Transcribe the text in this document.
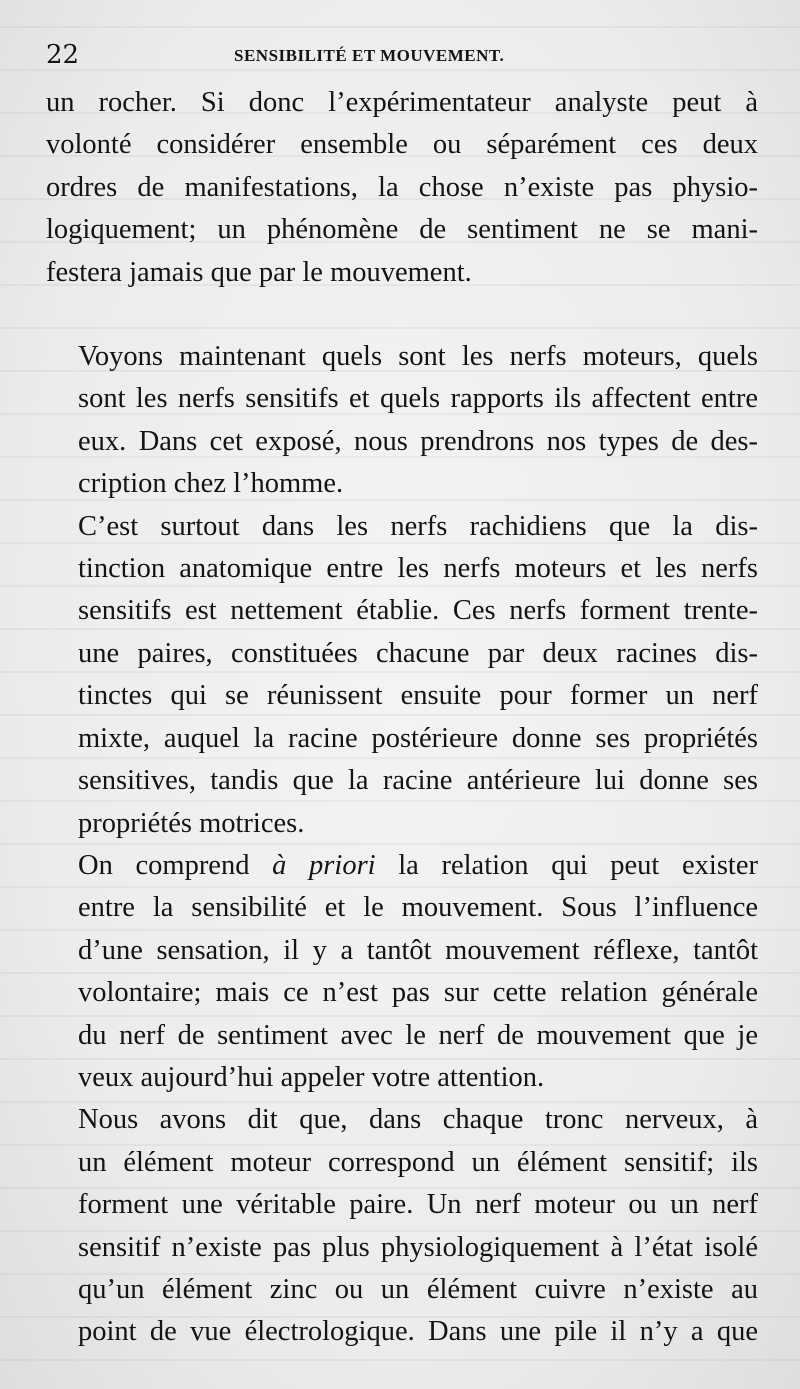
22	SENSIBILITÉ ET MOUVEMENT.

un rocher. Si donc l’expérimentateur analyste peut à
volonté considérer ensemble ou séparément ces deux
ordres de manifestations, la chose n’existe pas physio-
logiquement; un phénomène de sentiment ne se mani-
festera jamais que par le mouvement.

Voyons maintenant quels sont les nerfs moteurs, quels
sont les nerfs sensitifs et quels rapports ils affectent entre
eux. Dans cet exposé, nous prendrons nos types de des-
cription chez l’homme.

C’est surtout dans les nerfs rachidiens que la dis-
tinction anatomique entre les nerfs moteurs et les nerfs
sensitifs est nettement établie. Ces nerfs forment trente-
une paires, constituées chacune par deux racines dis-
tinctes qui se réunissent ensuite pour former un nerf
mixte, auquel la racine postérieure donne ses propriétés
sensitives, tandis que la racine antérieure lui donne ses
propriétés motrices.

On comprend à priori la relation qui peut exister
entre la sensibilité et le mouvement. Sous l’influence
d’une sensation, il y a tantôt mouvement réflexe, tantôt
volontaire; mais ce n’est pas sur cette relation générale
du nerf de sentiment avec le nerf de mouvement que je
veux aujourd’hui appeler votre attention.

Nous avons dit que, dans chaque tronc nerveux, à
un élément moteur correspond un élément sensitif; ils
forment une véritable paire. Un nerf moteur ou un nerf
sensitif n’existe pas plus physiologiquement à l’état isolé
qu’un élément zinc ou un élément cuivre n’existe au
point de vue électrologique. Dans une pile il n’y a que
